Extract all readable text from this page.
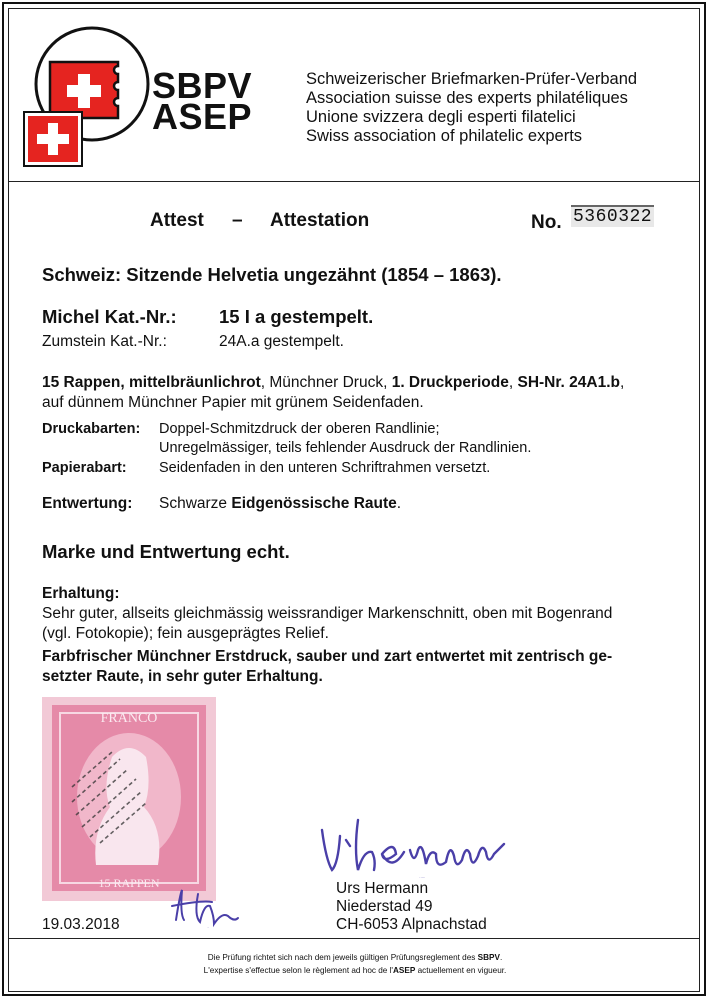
SBPV
ASEP
Schweizerischer Briefmarken-Prüfer-Verband
Association suisse des experts philatéliques
Unione svizzera degli esperti filatelici
Swiss association of philatelic experts
Attest – Attestation	No. 5360322
Schweiz: Sitzende Helvetia ungezähnt (1854 – 1863).
Michel Kat.-Nr.: 15 I a gestempelt.
Zumstein Kat.-Nr.:	24A.a gestempelt.
15 Rappen, mittelbräunlichrot, Münchner Druck, 1. Druckperiode, SH-Nr. 24A1.b,
auf dünnem Münchner Papier mit grünem Seidenfaden.
Druckabarten: Doppel-Schmitzdruck der oberen Randlinie;
Unregelmässiger, teils fehlender Ausdruck der Randlinien.
Papierabart: Seidenfaden in den unteren Schriftrahmen versetzt.
Entwertung: Schwarze Eidgenössische Raute.
Marke und Entwertung echt.
Erhaltung:
Sehr guter, allseits gleichmässig weissrandiger Markenschnitt, oben mit Bogenrand
(vgl. Fotokopie); fein ausgeprägtes Relief.
Farbfrischer Münchner Erstdruck, sauber und zart entwertet mit zentrisch ge-
setzter Raute, in sehr guter Erhaltung.
FRANCO
15 RAPPEN	U. Hermann
Hh
Urs Hermann
Niederstad 49
CH-6053 Alpnachstad
19.03.2018
Die Prüfung richtet sich nach dem jeweils gültigen Prüfungsreglement des SBPV.
L'expertise s'effectue selon le règlement ad hoc de l'ASEP actuellement en vigueur.
